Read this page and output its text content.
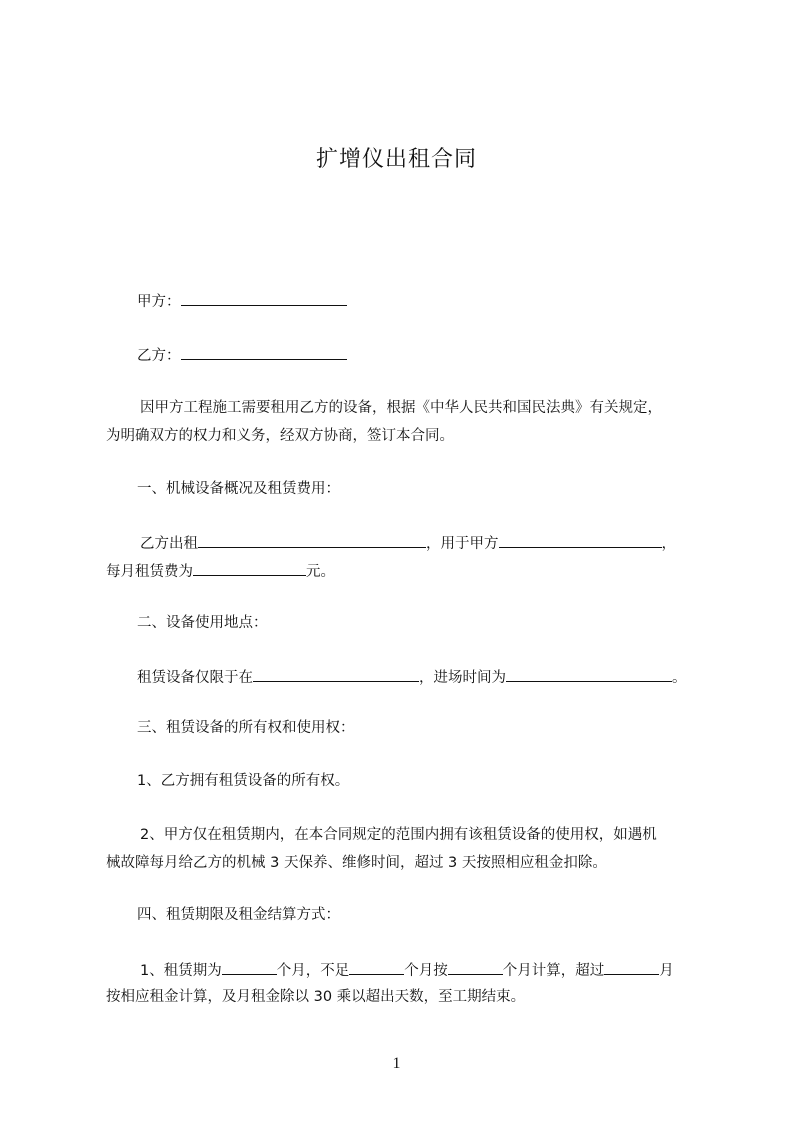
扩增仪出租合同
甲方：
乙方：
因甲方工程施工需要租用乙方的设备，根据《中华人民共和国民法典》有关规定，
为明确双方的权力和义务，经双方协商，签订本合同。
一、机械设备概况及租赁费用：
乙方出租	，用于甲方	，
每月租赁费为	元。
二、设备使用地点：
租赁设备仅限于在	，进场时间为	。
三、租赁设备的所有权和使用权：
1、乙方拥有租赁设备的所有权。
2、甲方仅在租赁期内，在本合同规定的范围内拥有该租赁设备的使用权，如遇机
械故障每月给乙方的机械 3 天保养、维修时间，超过 3 天按照相应租金扣除。
四、租赁期限及租金结算方式：
1、租赁期为	个月，不足	个月按	个月计算，超过	月
按相应租金计算，及月租金除以 30 乘以超出天数，至工期结束。
1
